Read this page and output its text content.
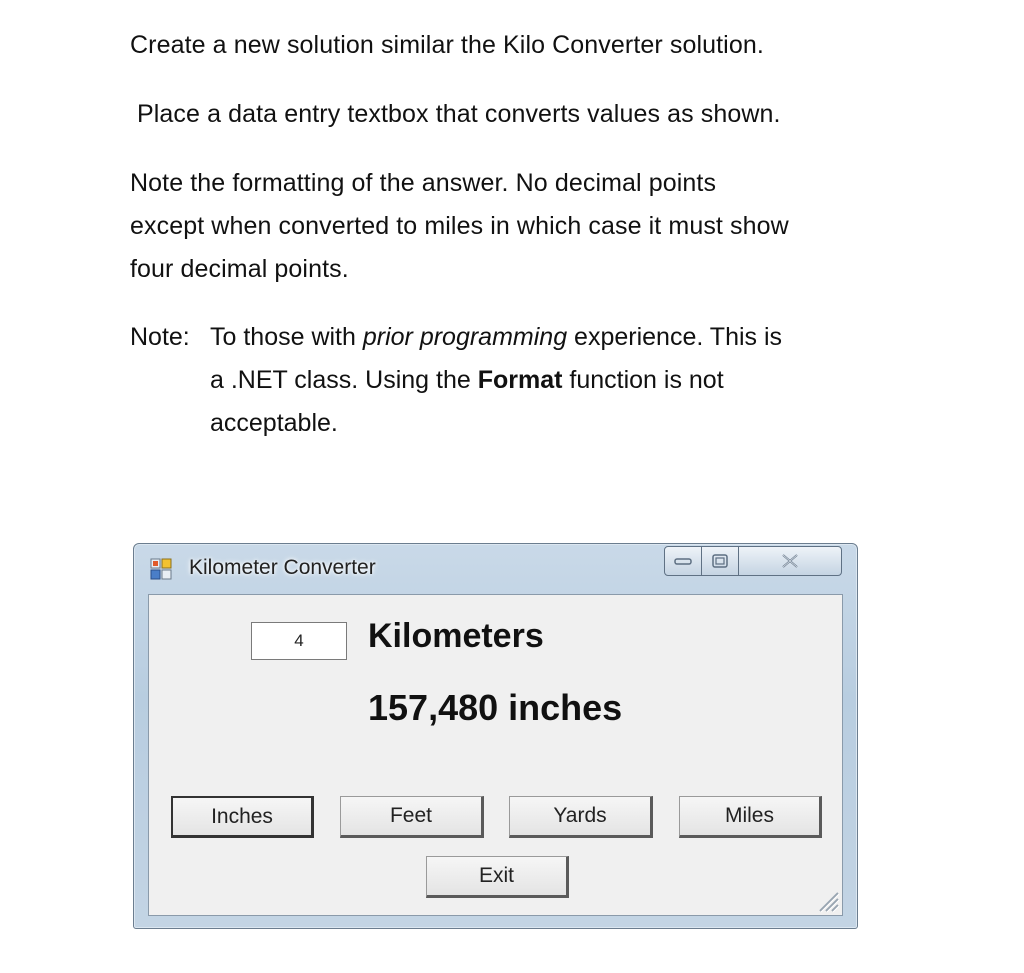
Create a new solution similar the Kilo Converter solution.
Place a data entry textbox that converts values as shown.
Note the formatting of the answer. No decimal points
except when converted to miles in which case it must show
four decimal points.
Note: To those with prior programming experience. This is
a .NET class. Using the Format function is not
acceptable.
Kilometer Converter
4	Kilometers
157,480 inches
Inches	Feet	Yards	Miles
Exit
